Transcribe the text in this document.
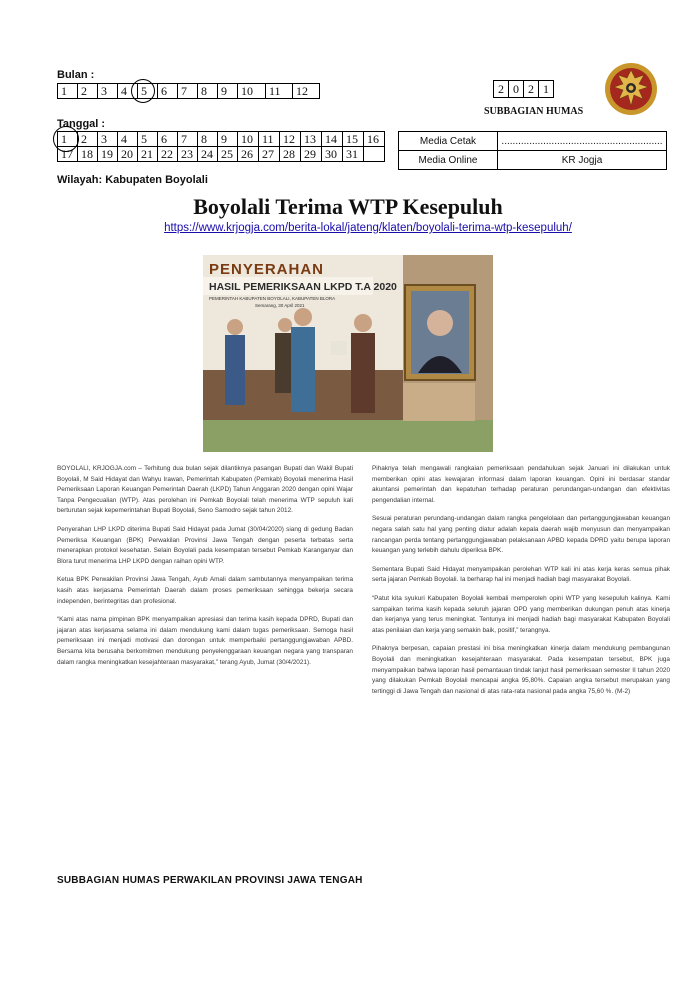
Bulan :
1	2	3	4	5	6	7	8	9	10	11	12	2	0	2	1
SUBBAGIAN HUMAS
Tanggal :
1	2	3	4	5	6	7	8	9	10	11	12	13	14	15	16
17	18	19	20	21	22	23	24	25	26	27	28	29	30	31	
Media Cetak	..........................................................
Media Online	KR Jogja
Wilayah: Kabupaten Boyolali
Boyolali Terima WTP Kesepuluh
https://www.krjogja.com/berita-lokal/jateng/klaten/boyolali-terima-wtp-kesepuluh/
PENYERAHAN
HASIL PEMERIKSAAN LKPD T.A 2020
PEMERINTAH KABUPATEN BOYOLALI, KABUPATEN BLORA
Semarang, 30 April 2021

BOYOLALI, KRJOGJA.com – Terhitung dua bulan sejak dilantiknya pasangan Bupati dan Wakil Bupati Boyolali, M Said Hidayat dan Wahyu Irawan, Pemerintah Kabupaten (Pemkab) Boyolali menerima Hasil Pemeriksaan Laporan Keuangan Pemerintah Daerah (LKPD) Tahun Anggaran 2020 dengan opini Wajar Tanpa Pengecualian (WTP). Atas perolehan ini Pemkab Boyolali telah menerima WTP sepuluh kali berturutan sejak kepemerintahan Bupati Boyolali, Seno Samodro sejak tahun 2012.

Penyerahan LHP LKPD diterima Bupati Said Hidayat pada Jumat (30/04/2020) siang di gedung Badan Pemeriksa Keuangan (BPK) Perwakilan Provinsi Jawa Tengah dengan peserta terbatas serta menerapkan protokol kesehatan. Selain Boyolali pada kesempatan tersebut Pemkab Karanganyar dan Blora turut menerima LHP LKPD dengan raihan opini WTP.

Ketua BPK Perwakilan Provinsi Jawa Tengah, Ayub Amali dalam sambutannya menyampaikan terima kasih atas kerjasama Pemerintah Daerah dalam proses pemeriksaan sehingga bekerja secara independen, berintegritas dan profesional.

“Kami atas nama pimpinan BPK menyampaikan apresiasi dan terima kasih kepada DPRD, Bupati dan jajaran atas kerjasama selama ini dalam mendukung kami dalam tugas pemeriksaan. Semoga hasil pemeriksaan ini menjadi motivasi dan dorongan untuk memperbaiki pertanggungjawaban APBD. Bersama kita berusaha berkomitmen mendukung penyelenggaraan keuangan negara yang transparan dalam rangka meningkatkan kesejahteraan masyarakat,” terang Ayub, Jumat (30/4/2021).

Pihaknya telah mengawali rangkaian pemeriksaan pendahuluan sejak Januari ini dilakukan untuk memberikan opini atas kewajaran informasi dalam laporan keuangan. Opini ini berdasar standar akuntansi pemerintah dan kepatuhan terhadap peraturan perundangan-undangan dan efektivitas pengendalian internal.

Sesuai peraturan perundang-undangan dalam rangka pengelolaan dan pertanggungjawaban keuangan negara salah satu hal yang penting diatur adalah kepala daerah wajib menyusun dan menyampaikan rancangan perda tentang pertanggungjawaban pelaksanaan APBD kepada DPRD yaitu berupa laporan keuangan yang terlebih dahulu diperiksa BPK.

Sementara Bupati Said Hidayat menyampaikan perolehan WTP kali ini atas kerja keras semua pihak serta jajaran Pemkab Boyolali. Ia berharap hal ini menjadi hadiah bagi masyarakat Boyolali.

“Patut kita syukuri Kabupaten Boyolali kembali memperoleh opini WTP yang kesepuluh kalinya. Kami sampaikan terima kasih kepada seluruh jajaran OPD yang memberikan dukungan penuh atas kinerja dan kerjanya yang terus meningkat. Tentunya ini menjadi hadiah bagi masyarakat Kabupaten Boyolali atas penilaian dan kerja yang semakin baik, positif,” terangnya.

Pihaknya berpesan, capaian prestasi ini bisa meningkatkan kinerja dalam mendukung pembangunan Boyolali dan meningkatkan kesejahteraan masyarakat. Pada kesempatan tersebut, BPK juga menyampaikan bahwa laporan hasil pemantauan tindak lanjut hasil pemeriksaan semester II tahun 2020 yang dilakukan Pemkab Boyolali mencapai angka 95,80%. Capaian angka tersebut merupakan yang tertinggi di Jawa Tengah dan nasional di atas rata-rata nasional pada angka 75,60 %. (M-2)

SUBBAGIAN HUMAS PERWAKILAN PROVINSI JAWA TENGAH
